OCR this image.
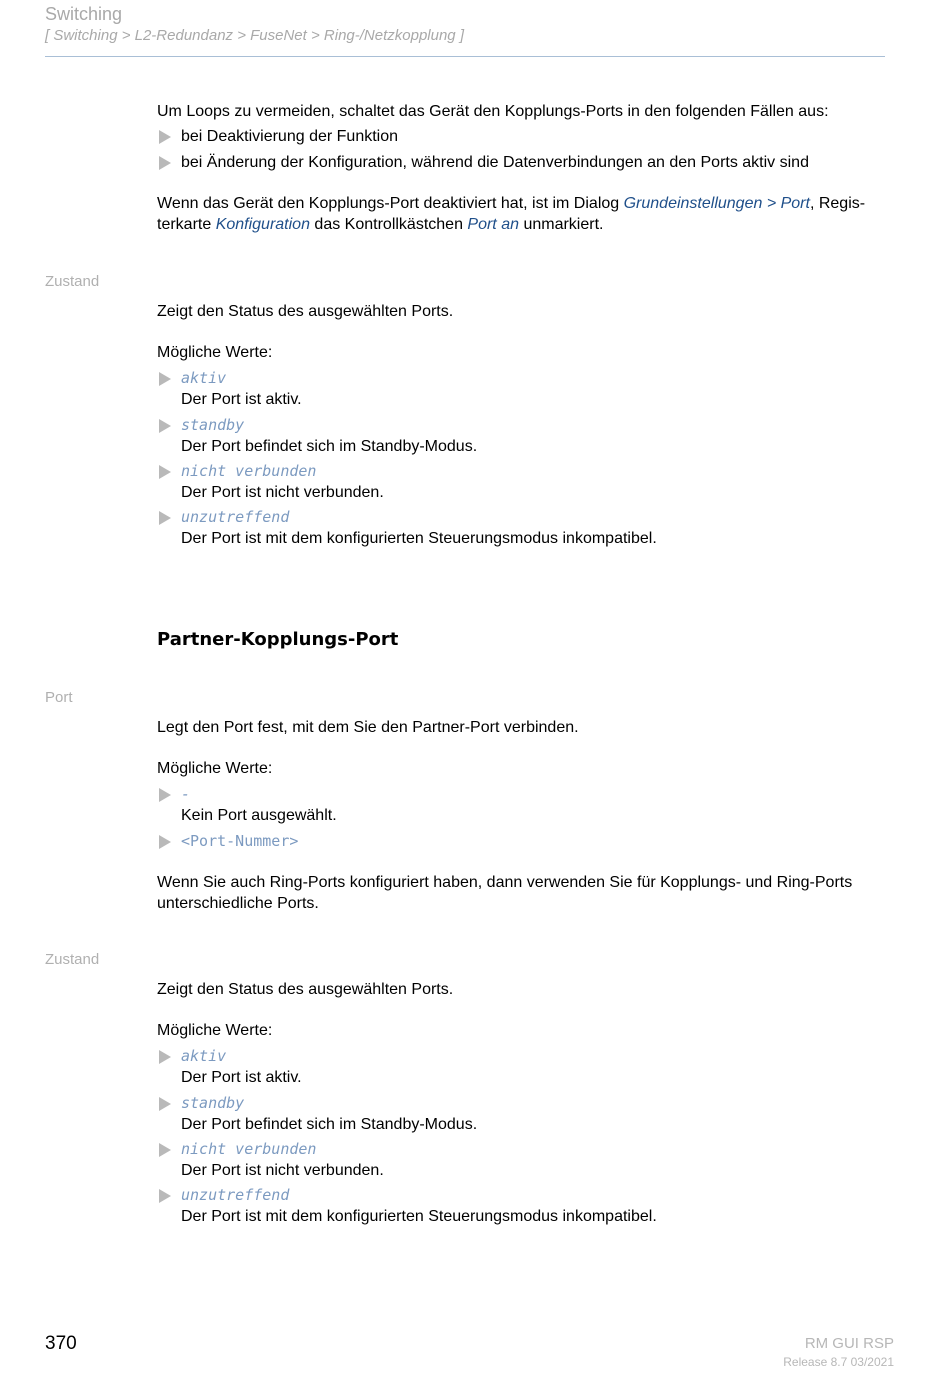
Switching
[ Switching > L2-Redundanz > FuseNet > Ring-/Netzkopplung ]
Um Loops zu vermeiden, schaltet das Gerät den Kopplungs-Ports in den folgenden Fällen aus:
bei Deaktivierung der Funktion
bei Änderung der Konfiguration, während die Datenverbindungen an den Ports aktiv sind
Wenn das Gerät den Kopplungs-Port deaktiviert hat, ist im Dialog Grundeinstellungen > Port, Regis-
terkarte Konfiguration das Kontrollkästchen Port an unmarkiert.
Zustand
Zeigt den Status des ausgewählten Ports.
Mögliche Werte:
aktiv
Der Port ist aktiv.
standby
Der Port befindet sich im Standby-Modus.
nicht verbunden
Der Port ist nicht verbunden.
unzutreffend
Der Port ist mit dem konfigurierten Steuerungsmodus inkompatibel.
Partner-Kopplungs-Port
Port
Legt den Port fest, mit dem Sie den Partner-Port verbinden.
Mögliche Werte:
-
Kein Port ausgewählt.
<Port-Nummer>
Wenn Sie auch Ring-Ports konfiguriert haben, dann verwenden Sie für Kopplungs- und Ring-Ports
unterschiedliche Ports.
Zustand
Zeigt den Status des ausgewählten Ports.
Mögliche Werte:
aktiv
Der Port ist aktiv.
standby
Der Port befindet sich im Standby-Modus.
nicht verbunden
Der Port ist nicht verbunden.
unzutreffend
Der Port ist mit dem konfigurierten Steuerungsmodus inkompatibel.
370	RM GUI RSP
Release 8.7 03/2021
